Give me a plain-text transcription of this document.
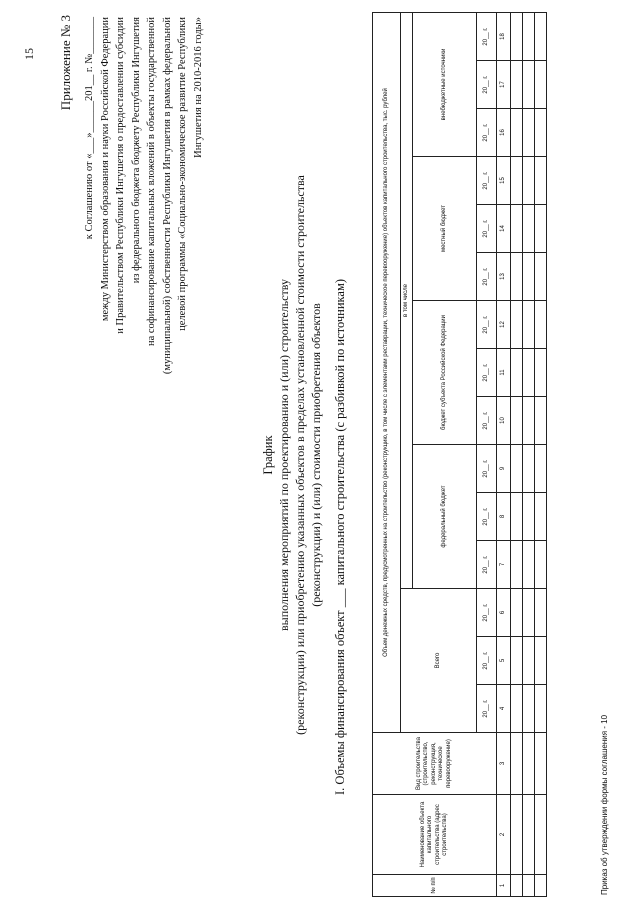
15 Приложение № 3 к Соглашению от «___»______201__ г. №_______ между Министерством образования и науки Российской Федерации и Правительством Республики Ингушетия о предоставлении субсидии из федерального бюджета бюджету Республики Ингушетия на софинансирование капитальных вложений в объекты государственной (муниципальной) собственности Республики Ингушетия в рамках федеральной целевой программы «Социально-экономическое развитие Республики Ингушетия на 2010-2016 годы»
График выполнения мероприятий по проектированию и (или) строительству (реконструкции) или приобретению указанных объектов в пределах установленной стоимости строительства (реконструкции) и (или) стоимости приобретения объектов I. Объемы финансирования объект ___ капитального строительства (с разбивкой по источникам)
№ п/п	Наименование объекта капитального строительства (адрес строительства)	Вид строительства (строительство, реконструкция, техническое перевооружение)	Объем денежных средств, предусмотренных на строительство (реконструкцию, в том числе с элементами реставрации, техническое перевооружение) объектов капитального строительства, тыс. рублей														
			Всего			в том числе											
						федеральный бюджет			бюджет субъекта Российской Федерации			местный бюджет			внебюджетные источники		
			20__ г.	20__ г.	20__ г.	20__ г.	20__ г.	20__ г.	20__ г.	20__ г.	20__ г.	20__ г.	20__ г.	20__ г.	20__ г.	20__ г.	20__ г.
1	2	3	4	5	6	7	8	9	10	11	12	13	14	15	16	17	18

Приказ об утверждении формы соглашения - 10
